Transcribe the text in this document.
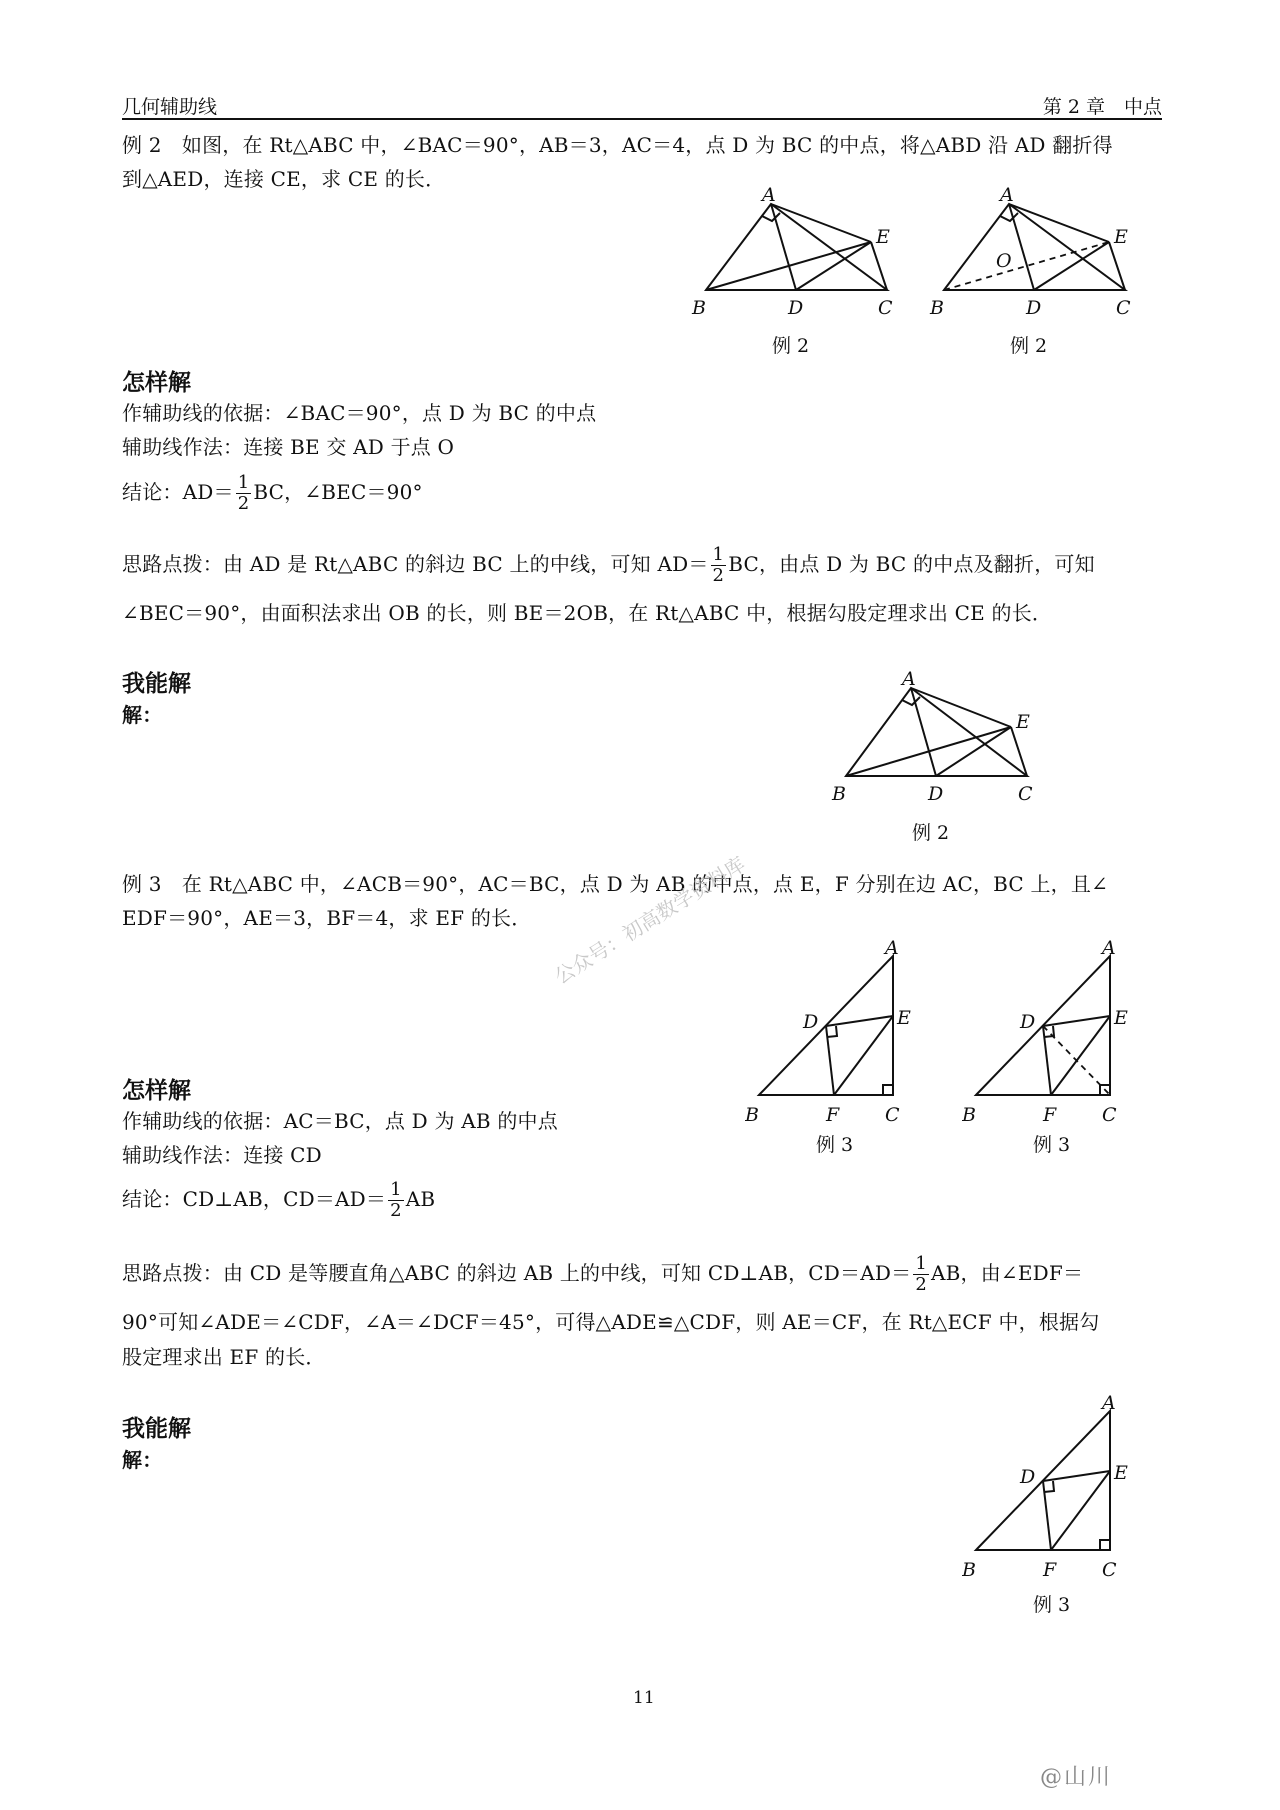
几何辅助线	第 2 章　中点
例 2　如图，在 Rt△ABC 中，∠BAC＝90°，AB＝3，AC＝4，点 D 为 BC 的中点，将△ABD 沿 AD 翻折得
到△AED，连接 CE，求 CE 的长．
A
B	D	C
E
例 2
A
B	D	C
E
O
例 2
怎样解
作辅助线的依据：∠BAC＝90°，点 D 为 BC 的中点
辅助线作法：连接 BE 交 AD 于点 O
结论：$AD= \frac{1}{2}$ BC，∠BEC＝90°
思路点拨：由 AD 是 Rt△ABC 的斜边 BC 上的中线，可知 $AD= \frac{1}{2}$ BC，由点 D 为 BC 的中点及翻折，可知
∠BEC＝90°，由面积法求出 OB 的长，则 BE＝2OB，在 Rt△ABC 中，根据勾股定理求出 CE 的长．
我能解
解：
A
B	D	C
E
例 2
例 3　在 Rt△ABC 中，∠ACB＝90°，AC＝BC，点 D 为 AB 的中点，点 E，F 分别在边 AC，BC 上，且∠
EDF＝90°，AE＝3，BF＝4，求 EF 的长． 公众号：初高数学资料库	A
D	E
B	F C
例 3
A
D	E
B	F C
例 3
怎样解
作辅助线的依据：AC＝BC，点 D 为 AB 的中点
辅助线作法：连接 CD
结论：CD⊥AB，$CD=AD= \frac{1}{2}$ AB
思路点拨：由 CD 是等腰直角△ABC 的斜边 AB 上的中线，可知 CD⊥AB，$CD=AD= \frac{1}{2}$ AB，由∠EDF＝
90°可知∠ADE＝∠CDF，∠A＝∠DCF＝45°，可得△ADE≌△CDF，则 AE＝CF，在 Rt△ECF 中，根据勾
股定理求出 EF 的长．
我能解
解：
A
D	E
B	F C
例 3
11
@山川
